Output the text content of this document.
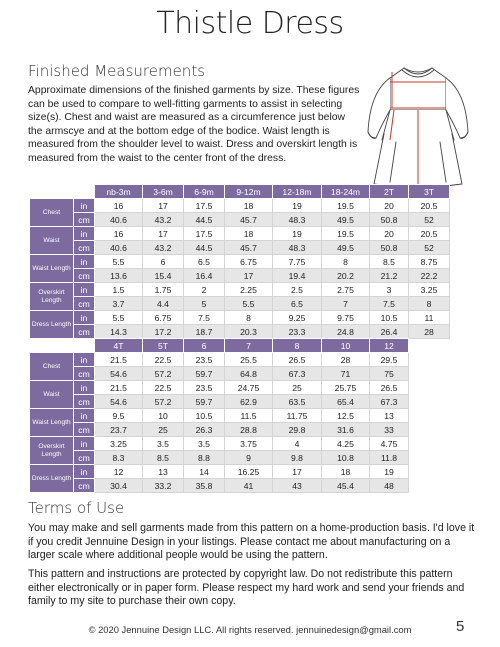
Thistle Dress
Finished Measurements
Approximate dimensions of the finished garments by size. These figures can be used to compare to well-fitting garments to assist in selecting size(s). Chest and waist are measured as a circumference just below the armscye and at the bottom edge of the bodice. Waist length is measured from the shoulder level to waist. Dress and overskirt length is measured from the waist to the center front of the dress.
		nb-3m	3-6m	6-9m	9-12m	12-18m	18-24m	2T	3T
Chest	in	16	17	17.5	18	19	19.5	20	20.5
	cm	40.6	43.2	44.5	45.7	48.3	49.5	50.8	52
Waist	in	16	17	17.5	18	19	19.5	20	20.5
	cm	40.6	43.2	44.5	45.7	48.3	49.5	50.8	52
Waist Length	in	5.5	6	6.5	6.75	7.75	8	8.5	8.75
	cm	13.6	15.4	16.4	17	19.4	20.2	21.2	22.2
Overskirt Length	in	1.5	1.75	2	2.25	2.5	2.75	3	3.25
	cm	3.7	4.4	5	5.5	6.5	7	7.5	8
Dress Length	in	5.5	6.75	7.5	8	9.25	9.75	10.5	11
	cm	14.3	17.2	18.7	20.3	23.3	24.8	26.4	28
		4T	5T	6	7	8	10	12
Chest	in	21.5	22.5	23.5	25.5	26.5	28	29.5
	cm	54.6	57.2	59.7	64.8	67.3	71	75
Waist	in	21.5	22.5	23.5	24.75	25	25.75	26.5
	cm	54.6	57.2	59.7	62.9	63.5	65.4	67.3
Waist Length	in	9.5	10	10.5	11.5	11.75	12.5	13
	cm	23.7	25	26.3	28.8	29.8	31.6	33
Overskirt Length	in	3.25	3.5	3.5	3.75	4	4.25	4.75
	cm	8.3	8.5	8.8	9	9.8	10.8	11.8
Dress Length	in	12	13	14	16.25	17	18	19
	cm	30.4	33.2	35.8	41	43	45.4	48
Terms of Use
You may make and sell garments made from this pattern on a home-production basis. I'd love it if you credit Jennuine Design in your listings. Please contact me about manufacturing on a larger scale where additional people would be using the pattern.
This pattern and instructions are protected by copyright law. Do not redistribute this pattern either electronically or in paper form. Please respect my hard work and send your friends and family to my site to purchase their own copy.
© 2020 Jennuine Design LLC. All rights reserved. jennuinedesign@gmail.com	5
